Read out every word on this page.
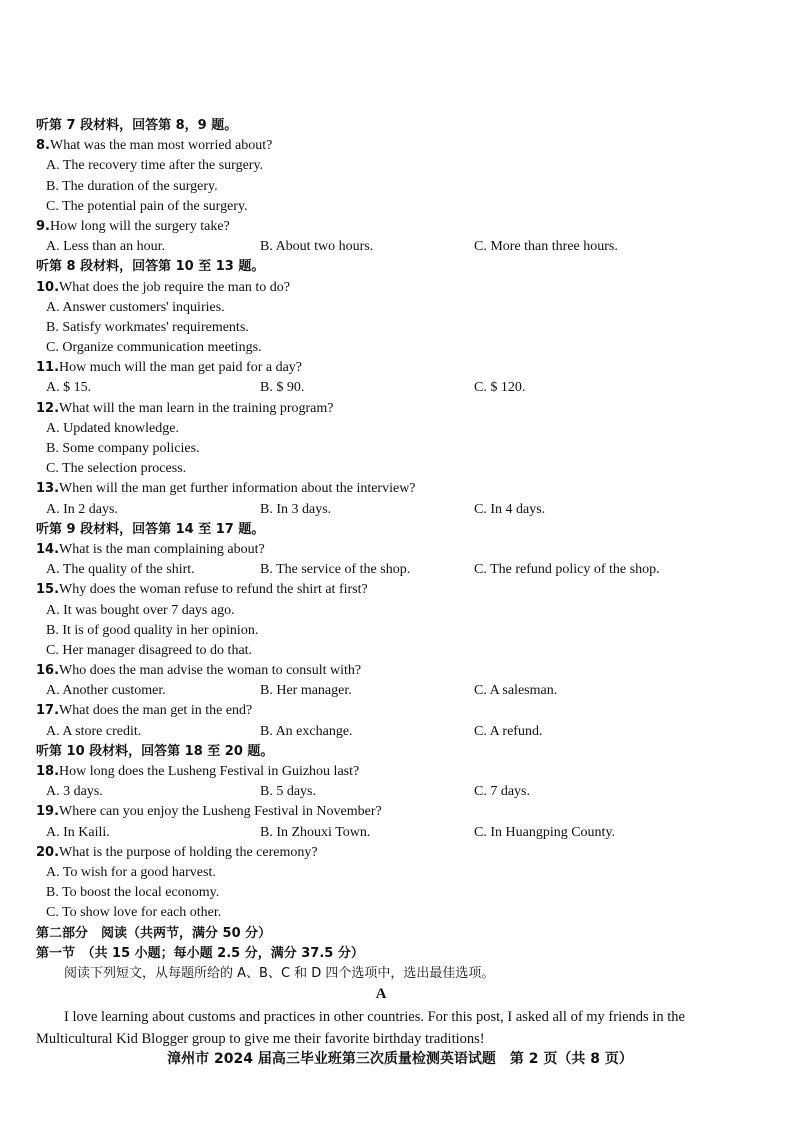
听第 7 段材料，回答第 8，9 题。
8.What was the man most worried about?
A. The recovery time after the surgery.
B. The duration of the surgery.
C. The potential pain of the surgery.
9.How long will the surgery take?
A. Less than an hour.	B. About two hours.	C. More than three hours.
听第 8 段材料，回答第 10 至 13 题。
10.What does the job require the man to do?
A. Answer customers' inquiries.
B. Satisfy workmates' requirements.
C. Organize communication meetings.
11.How much will the man get paid for a day?
A. $ 15.	B. $ 90.	C. $ 120.
12.What will the man learn in the training program?
A. Updated knowledge.
B. Some company policies.
C. The selection process.
13.When will the man get further information about the interview?
A. In 2 days.	B. In 3 days.	C. In 4 days.
听第 9 段材料，回答第 14 至 17 题。
14.What is the man complaining about?
A. The quality of the shirt.	B. The service of the shop.	C. The refund policy of the shop.
15.Why does the woman refuse to refund the shirt at first?
A. It was bought over 7 days ago.
B. It is of good quality in her opinion.
C. Her manager disagreed to do that.
16.Who does the man advise the woman to consult with?
A. Another customer.	B. Her manager.	C. A salesman.
17.What does the man get in the end?
A. A store credit.	B. An exchange.	C. A refund.
听第 10 段材料，回答第 18 至 20 题。
18.How long does the Lusheng Festival in Guizhou last?
A. 3 days.	B. 5 days.	C. 7 days.
19.Where can you enjoy the Lusheng Festival in November?
A. In Kaili.	B. In Zhouxi Town.	C. In Huangping County.
20.What is the purpose of holding the ceremony?
A. To wish for a good harvest.
B. To boost the local economy.
C. To show love for each other.
第二部分　阅读（共两节，满分 50 分）
第一节　（共 15 小题；每小题 2.5 分，满分 37.5 分）
阅读下列短文，从每题所给的 A、B、C 和 D 四个选项中，选出最佳选项。
A
I love learning about customs and practices in other countries. For this post, I asked all of my friends in the Multicultural Kid Blogger group to give me their favorite birthday traditions!
漳州市 2024 届高三毕业班第三次质量检测英语试题　第 2 页（共 8 页）
